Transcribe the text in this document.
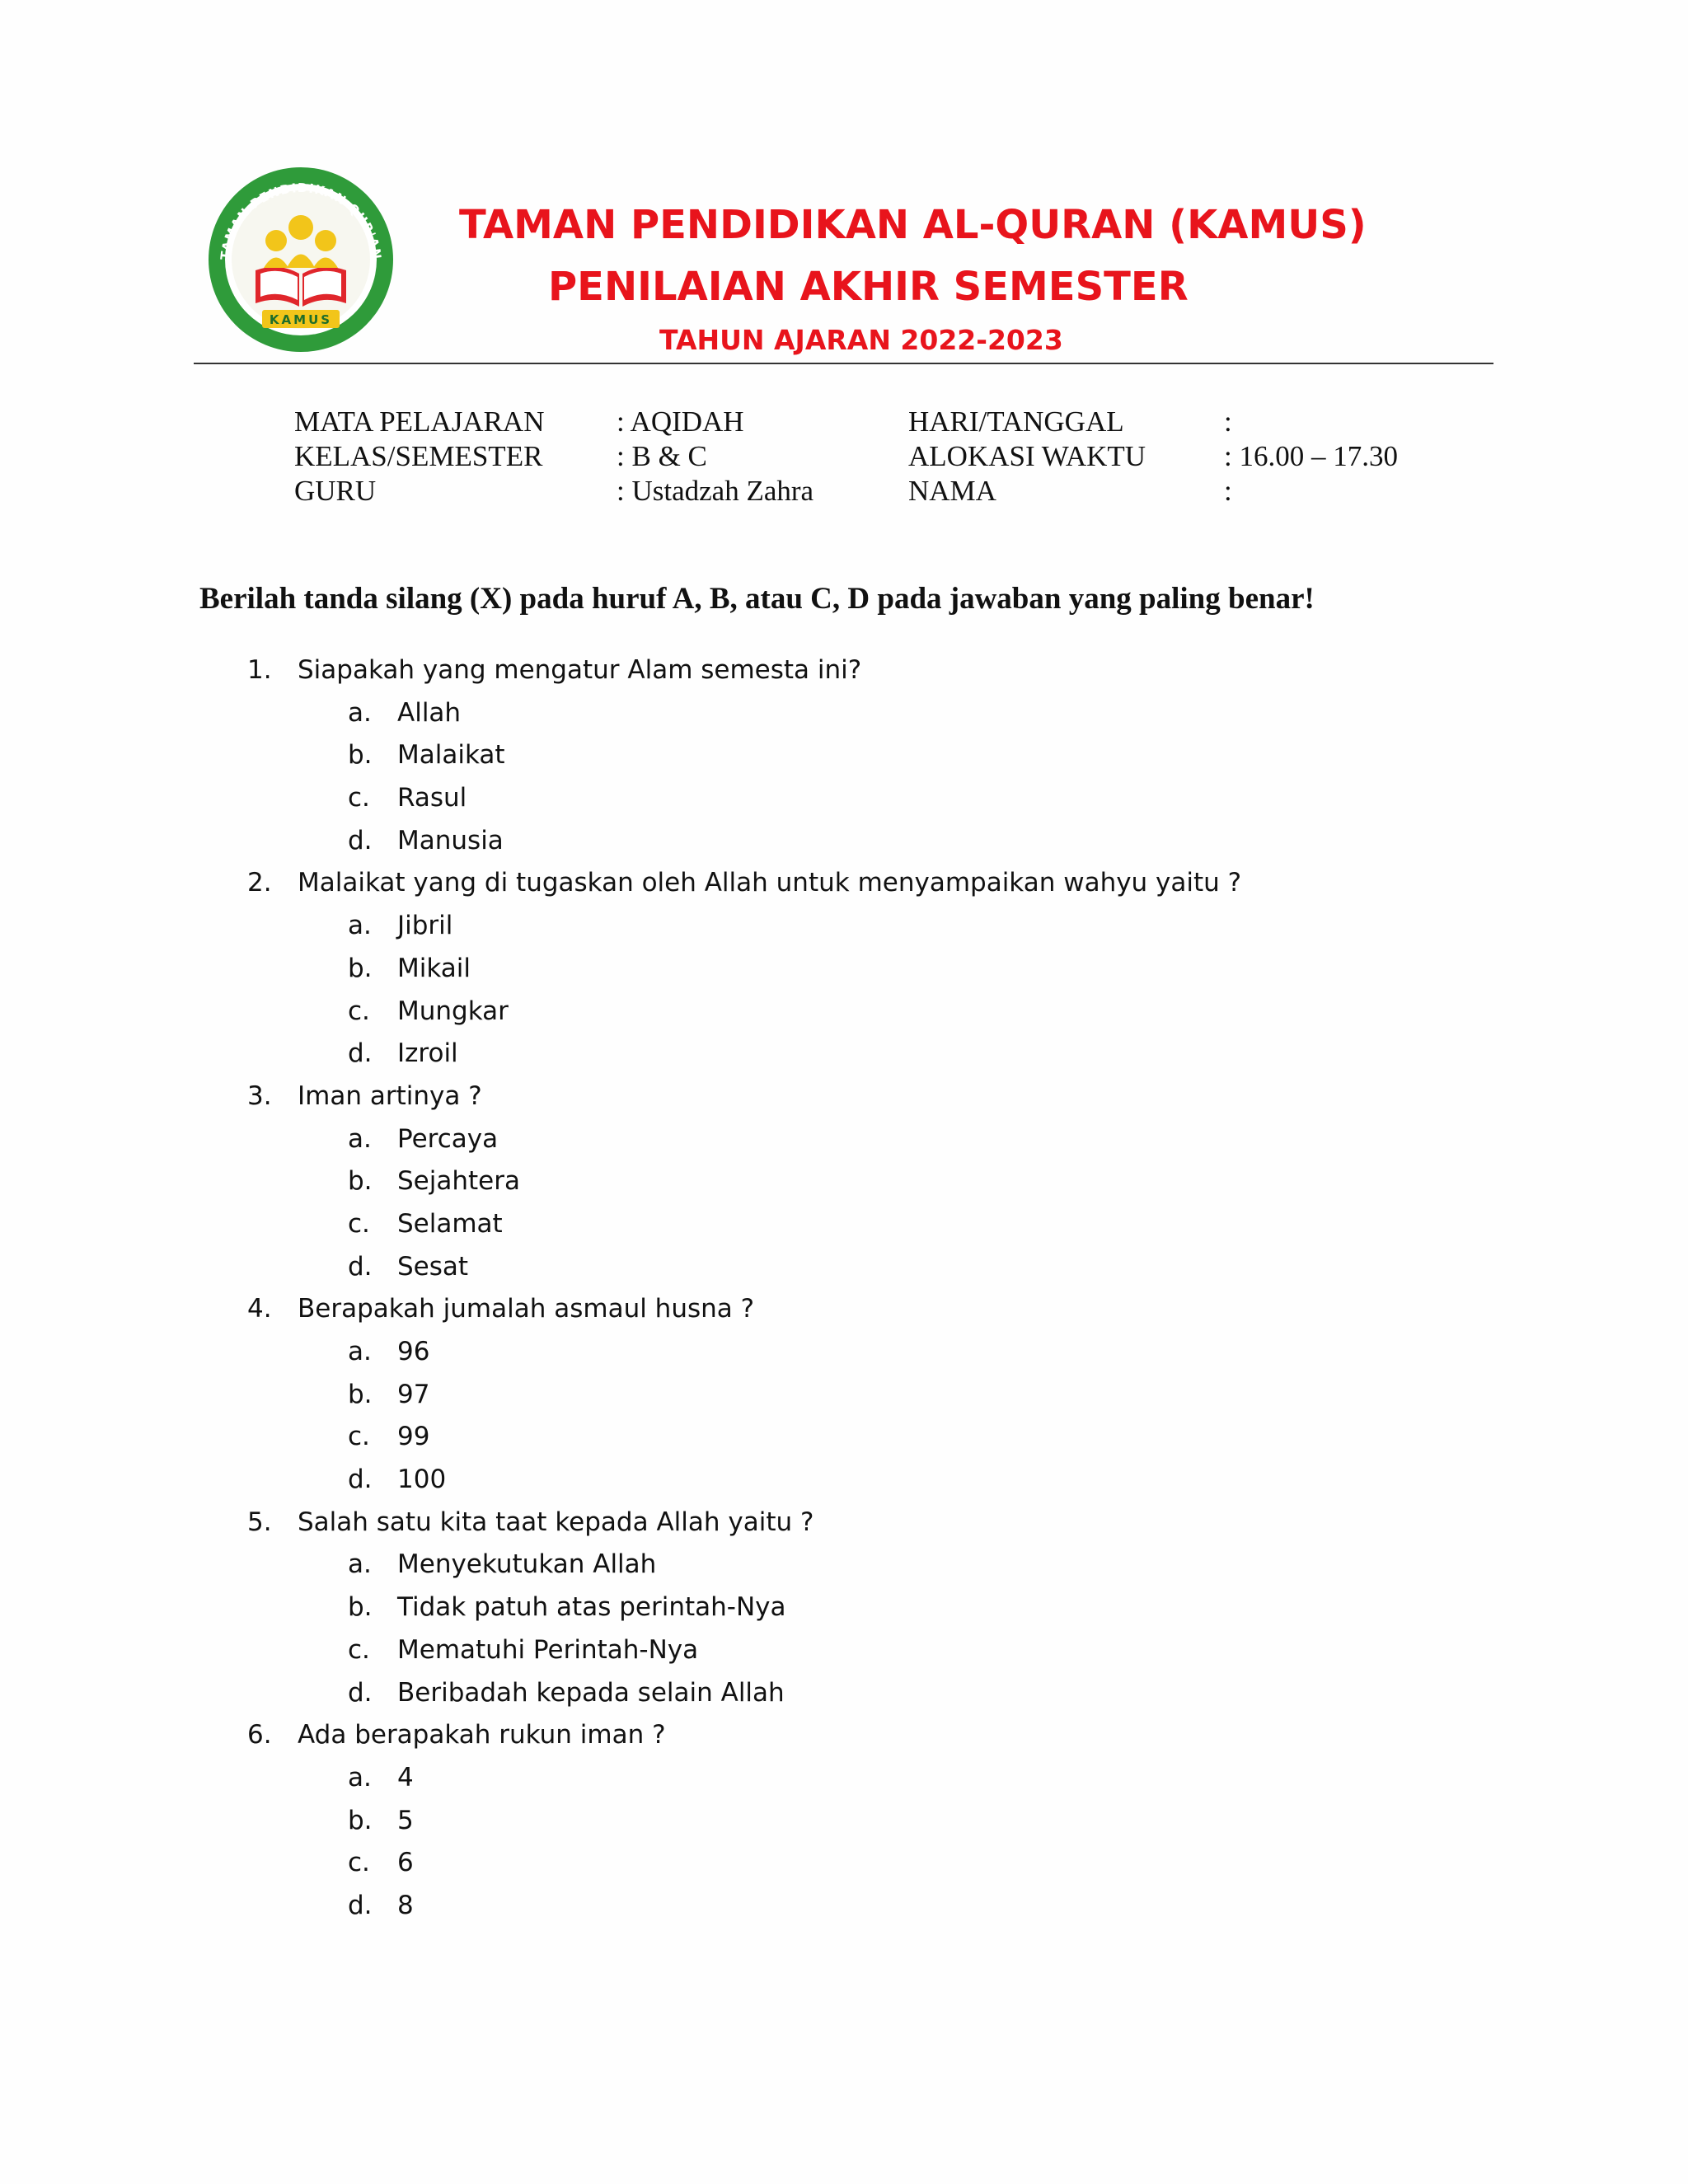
TAMAN PENDIDIKAN QUR'AN
KAMUS
TAMAN PENDIDIKAN AL-QURAN (KAMUS)
PENILAIAN AKHIR SEMESTER
TAHUN AJARAN 2022-2023
MATA PELAJARAN	: AQIDAH	HARI/TANGGAL	:
KELAS/SEMESTER	: B & C	ALOKASI WAKTU	: 16.00 – 17.30
GURU	: Ustadzah Zahra	NAMA	:
Berilah tanda silang (X) pada huruf A, B, atau C, D pada jawaban yang paling benar!
1. Siapakah yang mengatur Alam semesta ini?
a. Allah
b. Malaikat
c. Rasul
d. Manusia
2. Malaikat yang di tugaskan oleh Allah untuk menyampaikan wahyu yaitu ?
a. Jibril
b. Mikail
c. Mungkar
d. Izroil
3. Iman artinya ?
a. Percaya
b. Sejahtera
c. Selamat
d. Sesat
4. Berapakah jumalah asmaul husna ?
a. 96
b. 97
c. 99
d. 100
5. Salah satu kita taat kepada Allah yaitu ?
a. Menyekutukan Allah
b. Tidak patuh atas perintah-Nya
c. Mematuhi Perintah-Nya
d. Beribadah kepada selain Allah
6. Ada berapakah rukun iman ?
a. 4
b. 5
c. 6
d. 8
